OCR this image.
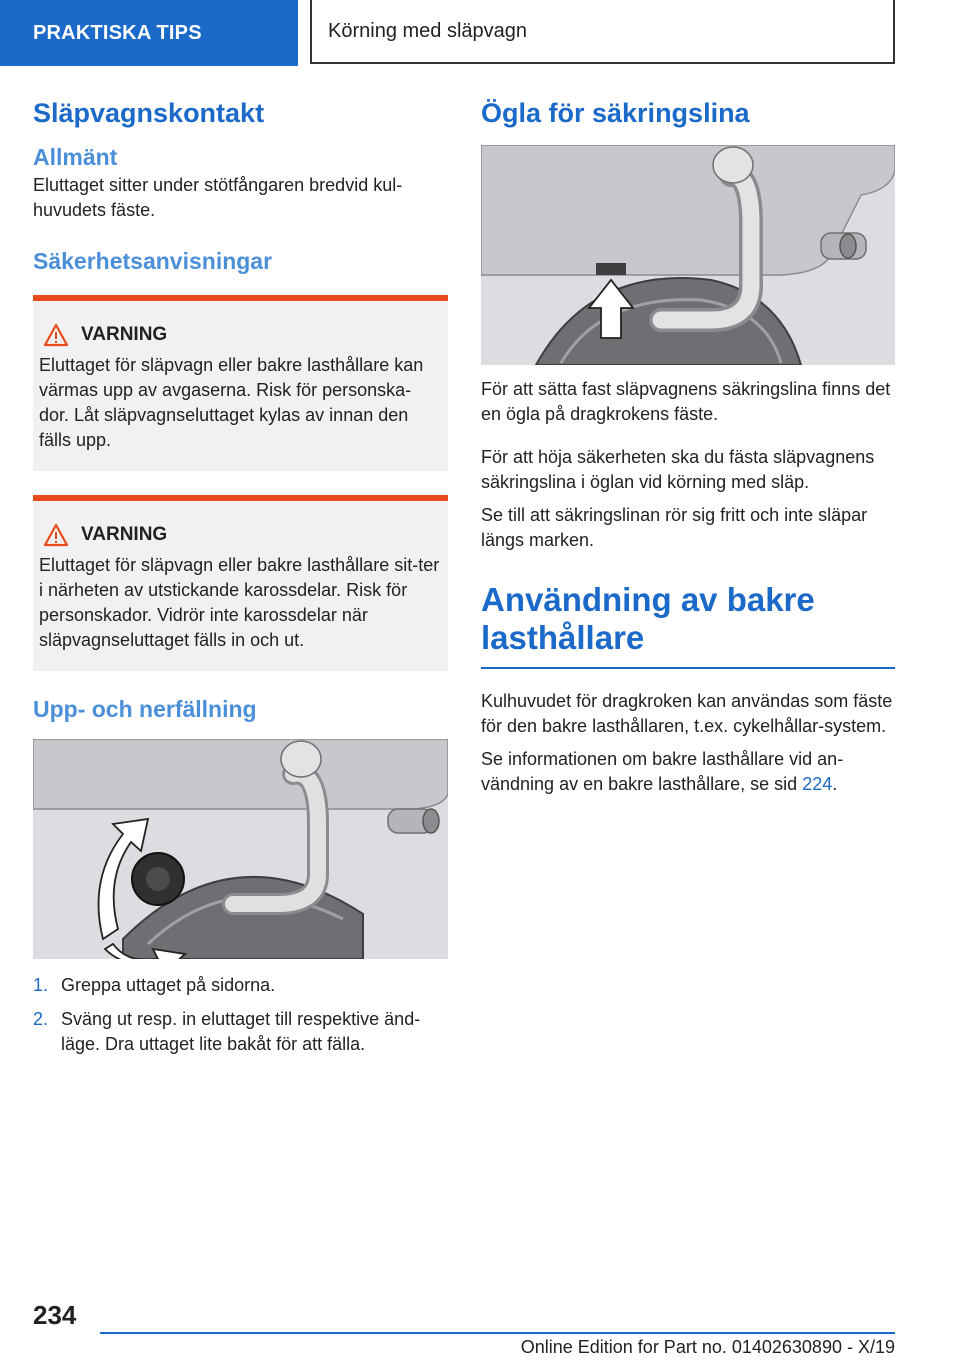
PRAKTISKA TIPS	Körning med släpvagn
Släpvagnskontakt
Allmänt

Eluttaget sitter under stötfångaren bredvid kul-huvudets fäste.

Säkerhetsanvisningar
VARNING

Eluttaget för släpvagn eller bakre lasthållare kan värmas upp av avgaserna. Risk för personska-dor. Låt släpvagnseluttaget kylas av innan den fälls upp.

VARNING

Eluttaget för släpvagn eller bakre lasthållare sit-ter i närheten av utstickande karossdelar. Risk för personskador. Vidrör inte karossdelar när släpvagnseluttaget fälls in och ut.

Upp- och nerfällning
1. Greppa uttaget på sidorna.
2. Sväng ut resp. in eluttaget till respektive änd-läge. Dra uttaget lite bakåt för att fälla.
Ögla för säkringslina

För att sätta fast släpvagnens säkringslina finns det en ögla på dragkrokens fäste.

För att höja säkerheten ska du fästa släpvagnens säkringslina i öglan vid körning med släp.

Se till att säkringslinan rör sig fritt och inte släpar längs marken.

Användning av bakre lasthållare

Kulhuvudet för dragkroken kan användas som fäste för den bakre lasthållaren, t.ex. cykelhållar-system.

Se informationen om bakre lasthållare vid an-vändning av en bakre lasthållare, se sid 224.

234
Online Edition for Part no. 01402630890 - X/19
